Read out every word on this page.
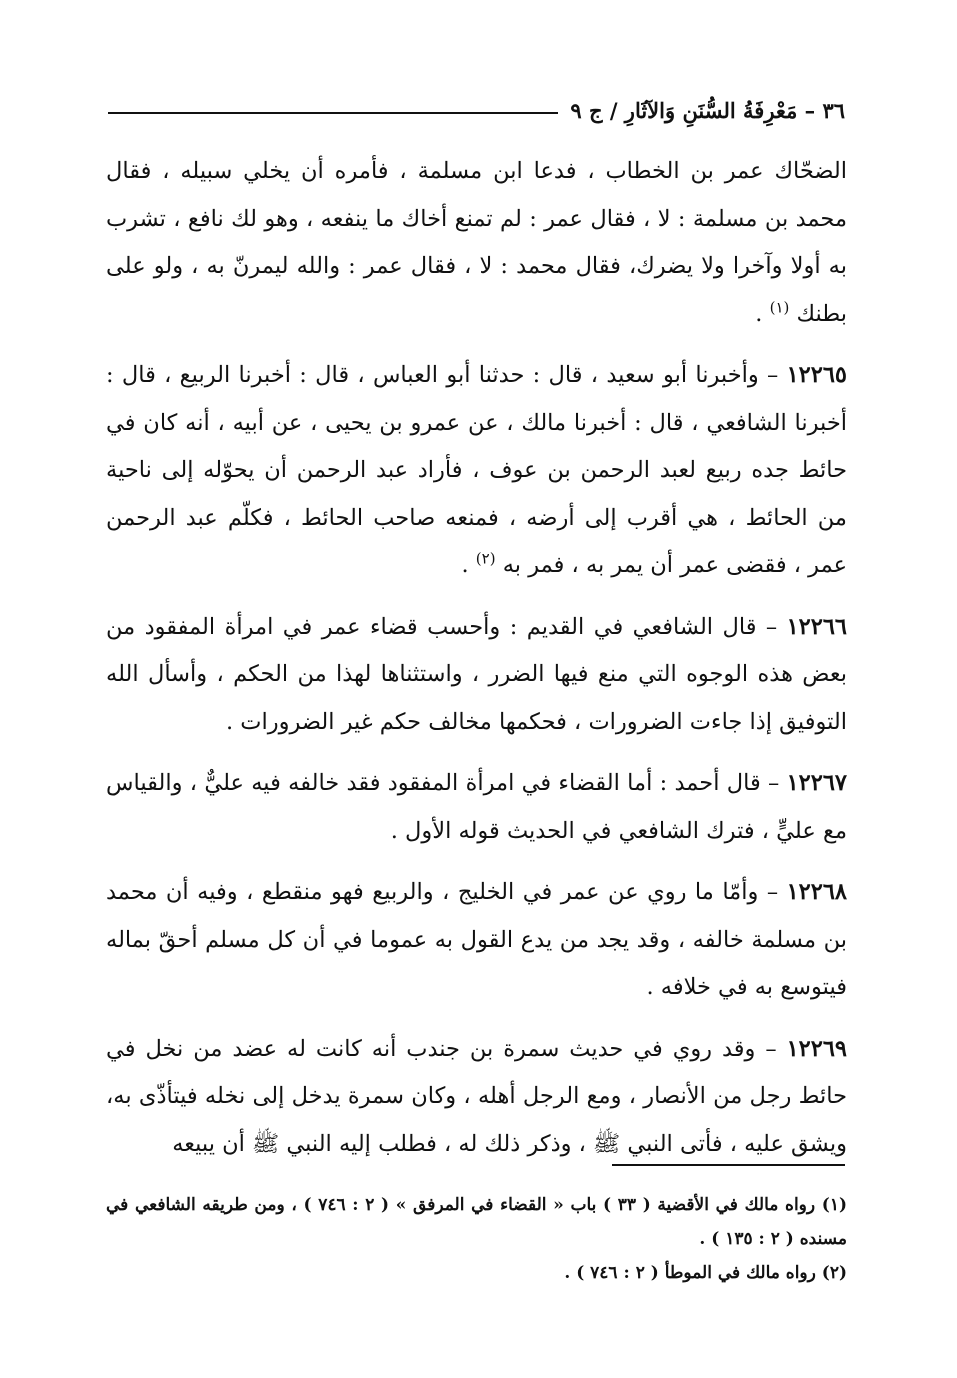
٣٦ – مَعْرِفَةُ السُّنَنِ وَالآثَارِ / ج ٩

الضحّاك عمر بن الخطاب ، فدعا ابن مسلمة ، فأمره أن يخلي سبيله ، فقال محمد بن مسلمة : لا ، فقال عمر : لم تمنع أخاك ما ينفعه ، وهو لك نافع ، تشرب به أولا وآخرا ولا يضرك، فقال محمد : لا ، فقال عمر : والله ليمرنّ به ، ولو على بطنك $^{(١)}$ .

١٢٢٦٥ – وأخبرنا أبو سعيد ، قال : حدثنا أبو العباس ، قال : أخبرنا الربيع ، قال : أخبرنا الشافعي ، قال : أخبرنا مالك ، عن عمرو بن يحيى ، عن أبيه ، أنه كان في حائط جده ربيع لعبد الرحمن بن عوف ، فأراد عبد الرحمن أن يحوّله إلى ناحية من الحائط ، هي أقرب إلى أرضه ، فمنعه صاحب الحائط ، فكلّم عبد الرحمن عمر ، فقضى عمر أن يمر به ، فمر به $^{(٢)}$ .

١٢٢٦٦ – قال الشافعي في القديم : وأحسب قضاء عمر في امرأة المفقود من بعض هذه الوجوه التي منع فيها الضرر ، واستثناها لهذا من الحكم ، وأسأل الله التوفيق إذا جاءت الضرورات ، فحكمها مخالف حكم غير الضرورات .

١٢٢٦٧ – قال أحمد : أما القضاء في امرأة المفقود فقد خالفه فيه عليٌّ ، والقياس مع عليٍّ ، فترك الشافعي في الحديث قوله الأول .

١٢٢٦٨ – وأمّا ما روي عن عمر في الخليج ، والربيع فهو منقطع ، وفيه أن محمد بن مسلمة خالفه ، وقد يجد من يدع القول به عموما في أن كل مسلم أحقّ بماله فيتوسع به في خلافه .

١٢٢٦٩ – وقد روي في حديث سمرة بن جندب أنه كانت له عضد من نخل في حائط رجل من الأنصار ، ومع الرجل أهله ، وكان سمرة يدخل إلى نخله فيتأذّى به، ويشق عليه ، فأتى النبي ﷺ ، وذكر ذلك له ، فطلب إليه النبي ﷺ أن يبيعه

(١) رواه مالك في الأقضية ( ٣٣ ) باب « القضاء في المرفق » ( ٢ : ٧٤٦ ) ، ومن طريقه الشافعي في مسنده ( ٢ : ١٣٥ ) .

(٢) رواه مالك في الموطأ ( ٢ : ٧٤٦ ) .
